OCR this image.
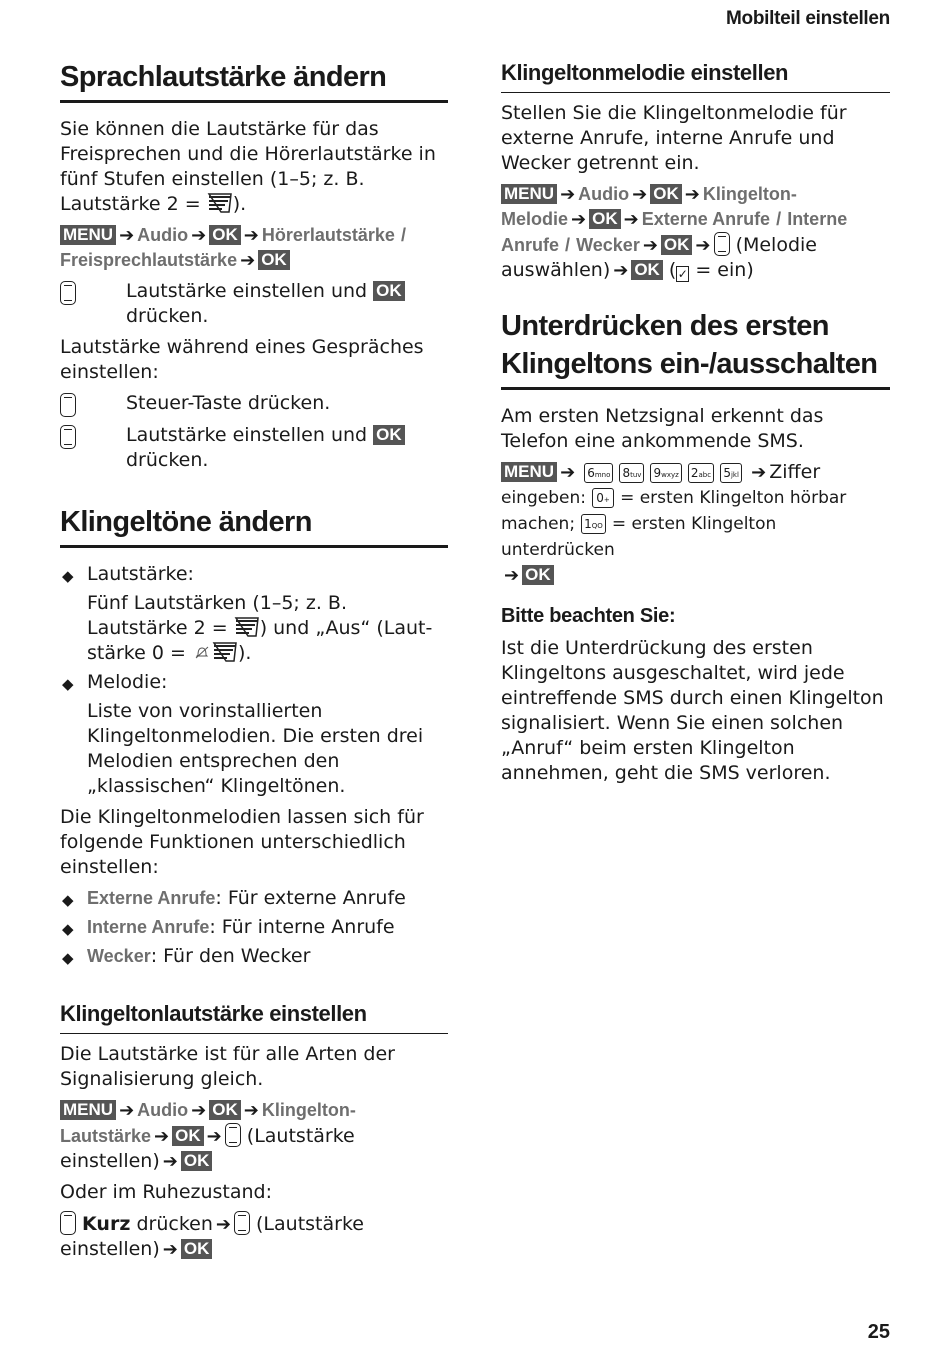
Mobilteil einstellen
Sprachlautstärke ändern

Sie können die Lautstärke für das Freisprechen und die Hörerlautstärke in fünf Stufen einstellen (1–5; z. B. Lautstärke 2 = ).

MENU ➔ Audio ➔ OK ➔ Hörerlautstärke /
Freisprechlautstärke ➔ OK

Lautstärke einstellen und OK
drücken.

Lautstärke während eines Gespräches einstellen:

Steuer-Taste drücken.

Lautstärke einstellen und OK
drücken.

Klingeltöne ändern
◆ Lautstärke:
Fünf Lautstärken (1–5; z. B.
Lautstärke 2 = ) und „Aus“ (Laut-
stärke 0 =	).
◆ Melodie:
Liste von vorinstallierten Klingeltonmelodien. Die ersten drei Melodien entsprechen den „klassischen“ Klingeltönen.

Die Klingeltonmelodien lassen sich für folgende Funktionen unterschiedlich einstellen:

◆ Externe Anrufe: Für externe Anrufe
◆ Interne Anrufe: Für interne Anrufe
◆ Wecker: Für den Wecker
Klingeltonlautstärke einstellen

Die Lautstärke ist für alle Arten der Signalisierung gleich.

MENU ➔ Audio ➔ OK ➔ Klingelton-
Lautstärke ➔ OK ➔ (Lautstärke
einstellen) ➔ OK

Oder im Ruhezustand:

Kurz drücken ➔ (Lautstärke
einstellen) ➔ OK

Klingeltonmelodie einstellen

Stellen Sie die Klingeltonmelodie für externe Anrufe, interne Anrufe und Wecker getrennt ein.

MENU ➔ Audio ➔ OK ➔ Klingelton-
Melodie ➔ OK ➔ Externe Anrufe / Interne
Anrufe / Wecker ➔ OK ➔ (Melodie
auswählen) ➔ OK (✓ = ein)

Unterdrücken des ersten Klingeltons ein-/ausschalten

Am ersten Netzsignal erkennt das Telefon eine ankommende SMS.

MENU ➔ 6mno 8tuv 9wxyz 2abc 5jkl ➔ Ziffer
eingeben: 0+ = ersten Klingelton hörbar
machen; 1QO = ersten Klingelton unterdrücken
➔ OK

Bitte beachten Sie:

Ist die Unterdrückung des ersten Klingeltons ausgeschaltet, wird jede eintreffende SMS durch einen Klingelton signalisiert. Wenn Sie einen solchen „Anruf“ beim ersten Klingelton annehmen, geht die SMS verloren.

25
